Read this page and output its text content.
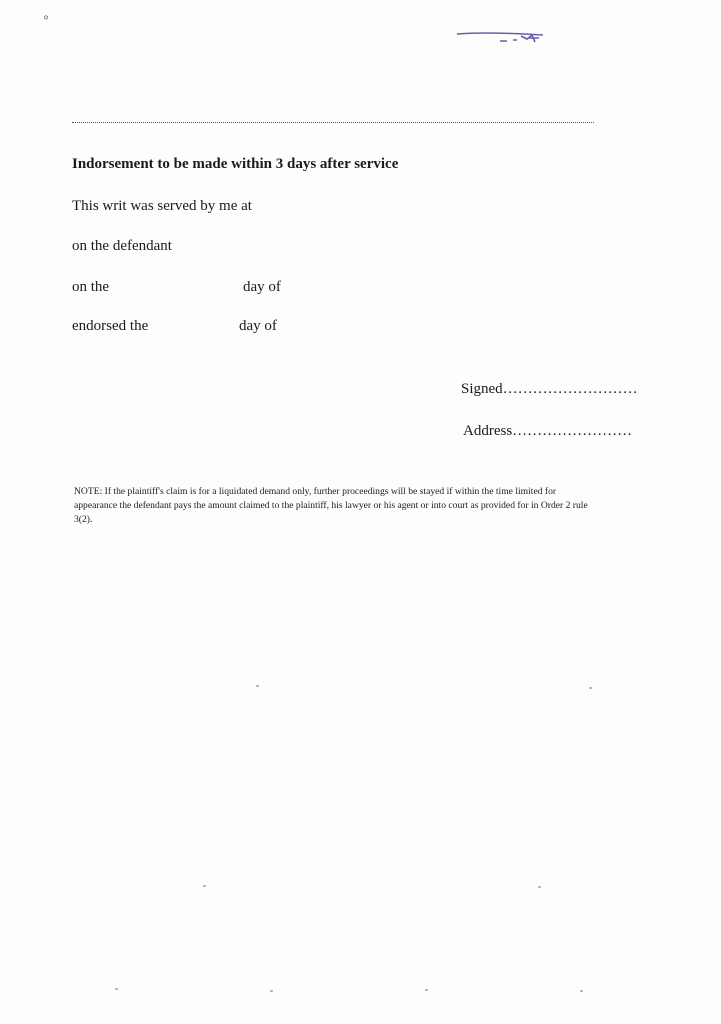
°
Indorsement to be made within 3 days after service
This writ was served by me at
on the defendant
on the	day of
endorsed the	day of
Signed………………………
Address……………………
NOTE: If the plaintiff's claim is for a liquidated demand only, further proceedings will be stayed if within the time limited for appearance the defendant pays the amount claimed to the plaintiff, his lawyer or his agent or into court as provided for in Order 2 rule 3(2).
